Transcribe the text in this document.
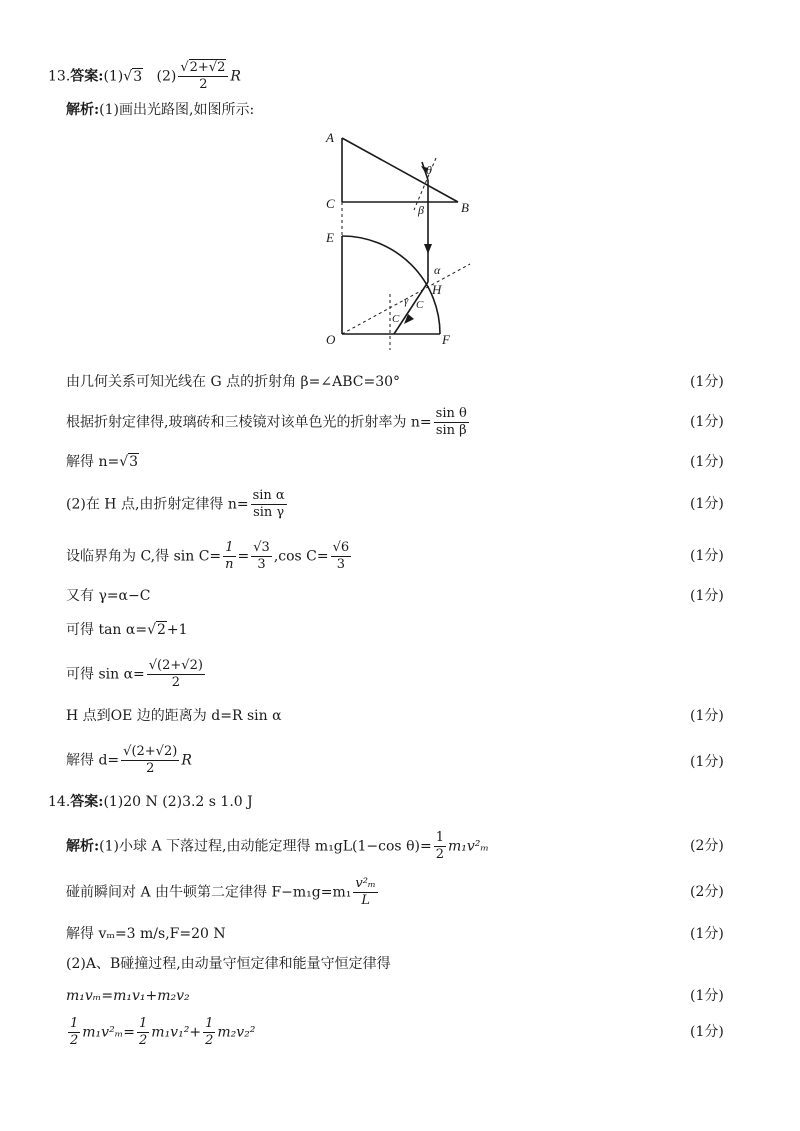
13.答案:(1)√3 $(2) \frac{√2+√2}{2}$ R
解析:(1)画出光路图,如图所示:
A
C	B
E
O	F
H
θ
β
α
γ C
C
由几何关系可知光线在 G 点的折射角 β=∠ABC=30°	(1分)
根据折射定律得,玻璃砖和三棱镜对该单色光的折射率为 $n= \frac{\text{sin θ}}{\text{sin β}}$	(1分)
解得 n=√3	(1分)
(2)在 H 点,由折射定律得 $n= \frac{\text{sin α}}{\text{sin γ}}$	(1分)
设临界角为 C,得 $\sin C= \frac{1}{n} = \frac{√3}{3} ,\cos$ $C= \frac{√6}{3}$	(1分)
又有 γ=α−C	(1分)
可得 tan α=√2+1
可得 $\sin \alpha= \frac{√(2+√2)}{2}$
H 点到OE 边的距离为 d=R sin α	(1分)
解得 $d= \frac{√(2+√2)}{2}$ R	(1分)
14.答案:(1)20 N (2)3.2 s 1.0 J
解析:(1)小球 A 下落过程,由动能定理得 m₁gL(1−cos $\theta)= \frac{1}{2} m_1v^2_m$	(2分)
碰前瞬间对 A 由牛顿第二定律得 $F-m_1g=m_1 \frac{\text{v²ₘ}}{L}$	(2分)
解得 vₘ=3 m/s,F=20 N	(1分)
(2)A、B碰撞过程,由动量守恒定律和能量守恒定律得
m₁vₘ=m₁v₁+m₂v₂	(1分)
$\frac{1}{2} m_1v^2_m= \frac{1}{2} m_1v_1^2+ \frac{1}{2} m_2v_2^2$	(1分)
